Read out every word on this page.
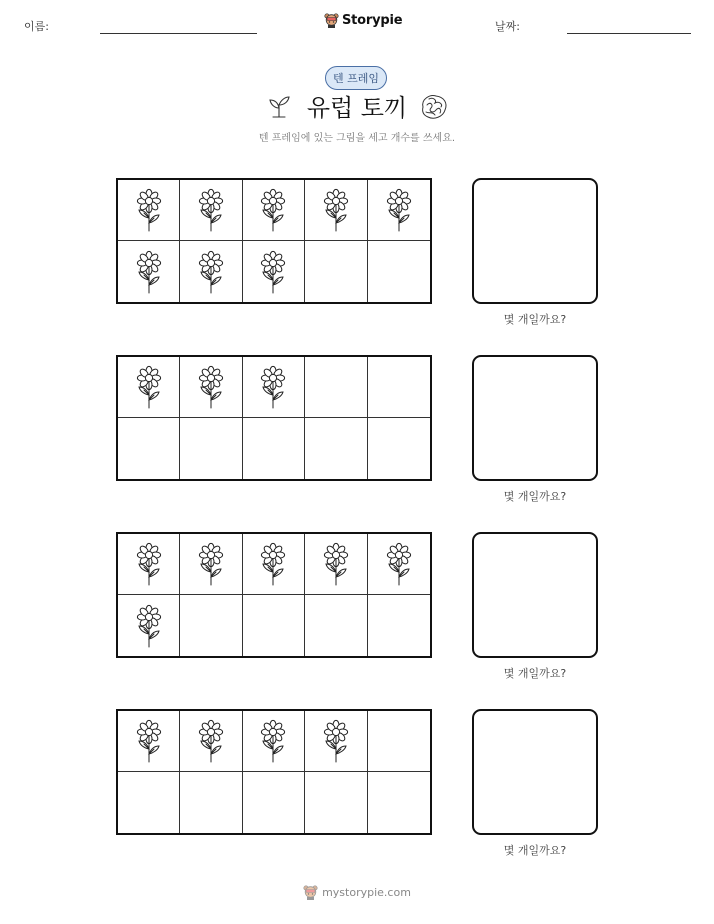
이름:	Storypie	날짜:
텐 프레임
유럽 토끼
텐 프레임에 있는 그림을 세고 개수를 쓰세요.
몇 개일까요?
몇 개일까요?
몇 개일까요?
몇 개일까요?
mystorypie.com
